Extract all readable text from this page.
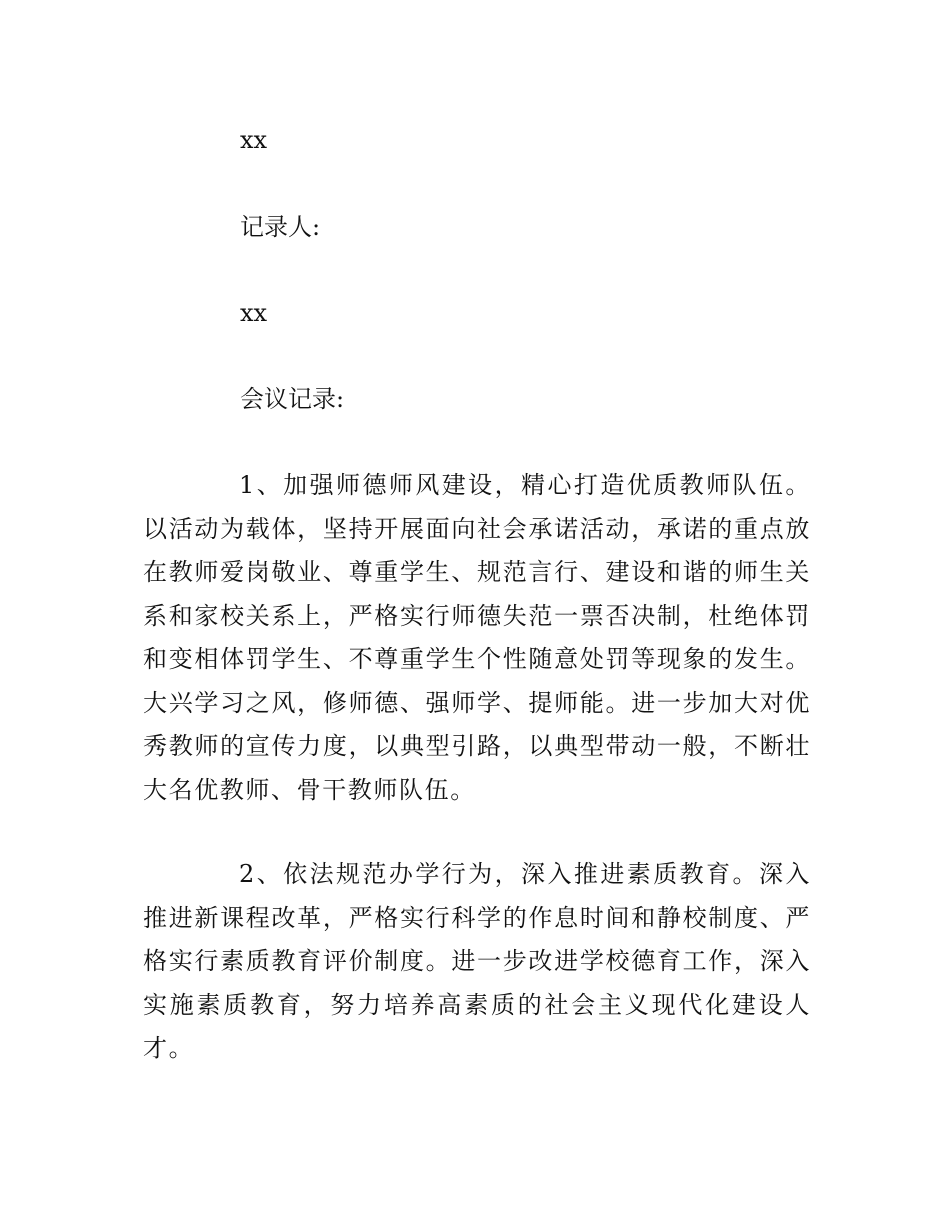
xx

记录人:

xx

会议记录:

1、加强师德师风建设，精心打造优质教师队伍。以活动为载体，坚持开展面向社会承诺活动，承诺的重点放在教师爱岗敬业、尊重学生、规范言行、建设和谐的师生关系和家校关系上，严格实行师德失范一票否决制，杜绝体罚和变相体罚学生、不尊重学生个性随意处罚等现象的发生。大兴学习之风，修师德、强师学、提师能。进一步加大对优秀教师的宣传力度，以典型引路，以典型带动一般，不断壮大名优教师、骨干教师队伍。

2、依法规范办学行为，深入推进素质教育。深入推进新课程改革，严格实行科学的作息时间和静校制度、严格实行素质教育评价制度。进一步改进学校德育工作，深入实施素质教育，努力培养高素质的社会主义现代化建设人才。
